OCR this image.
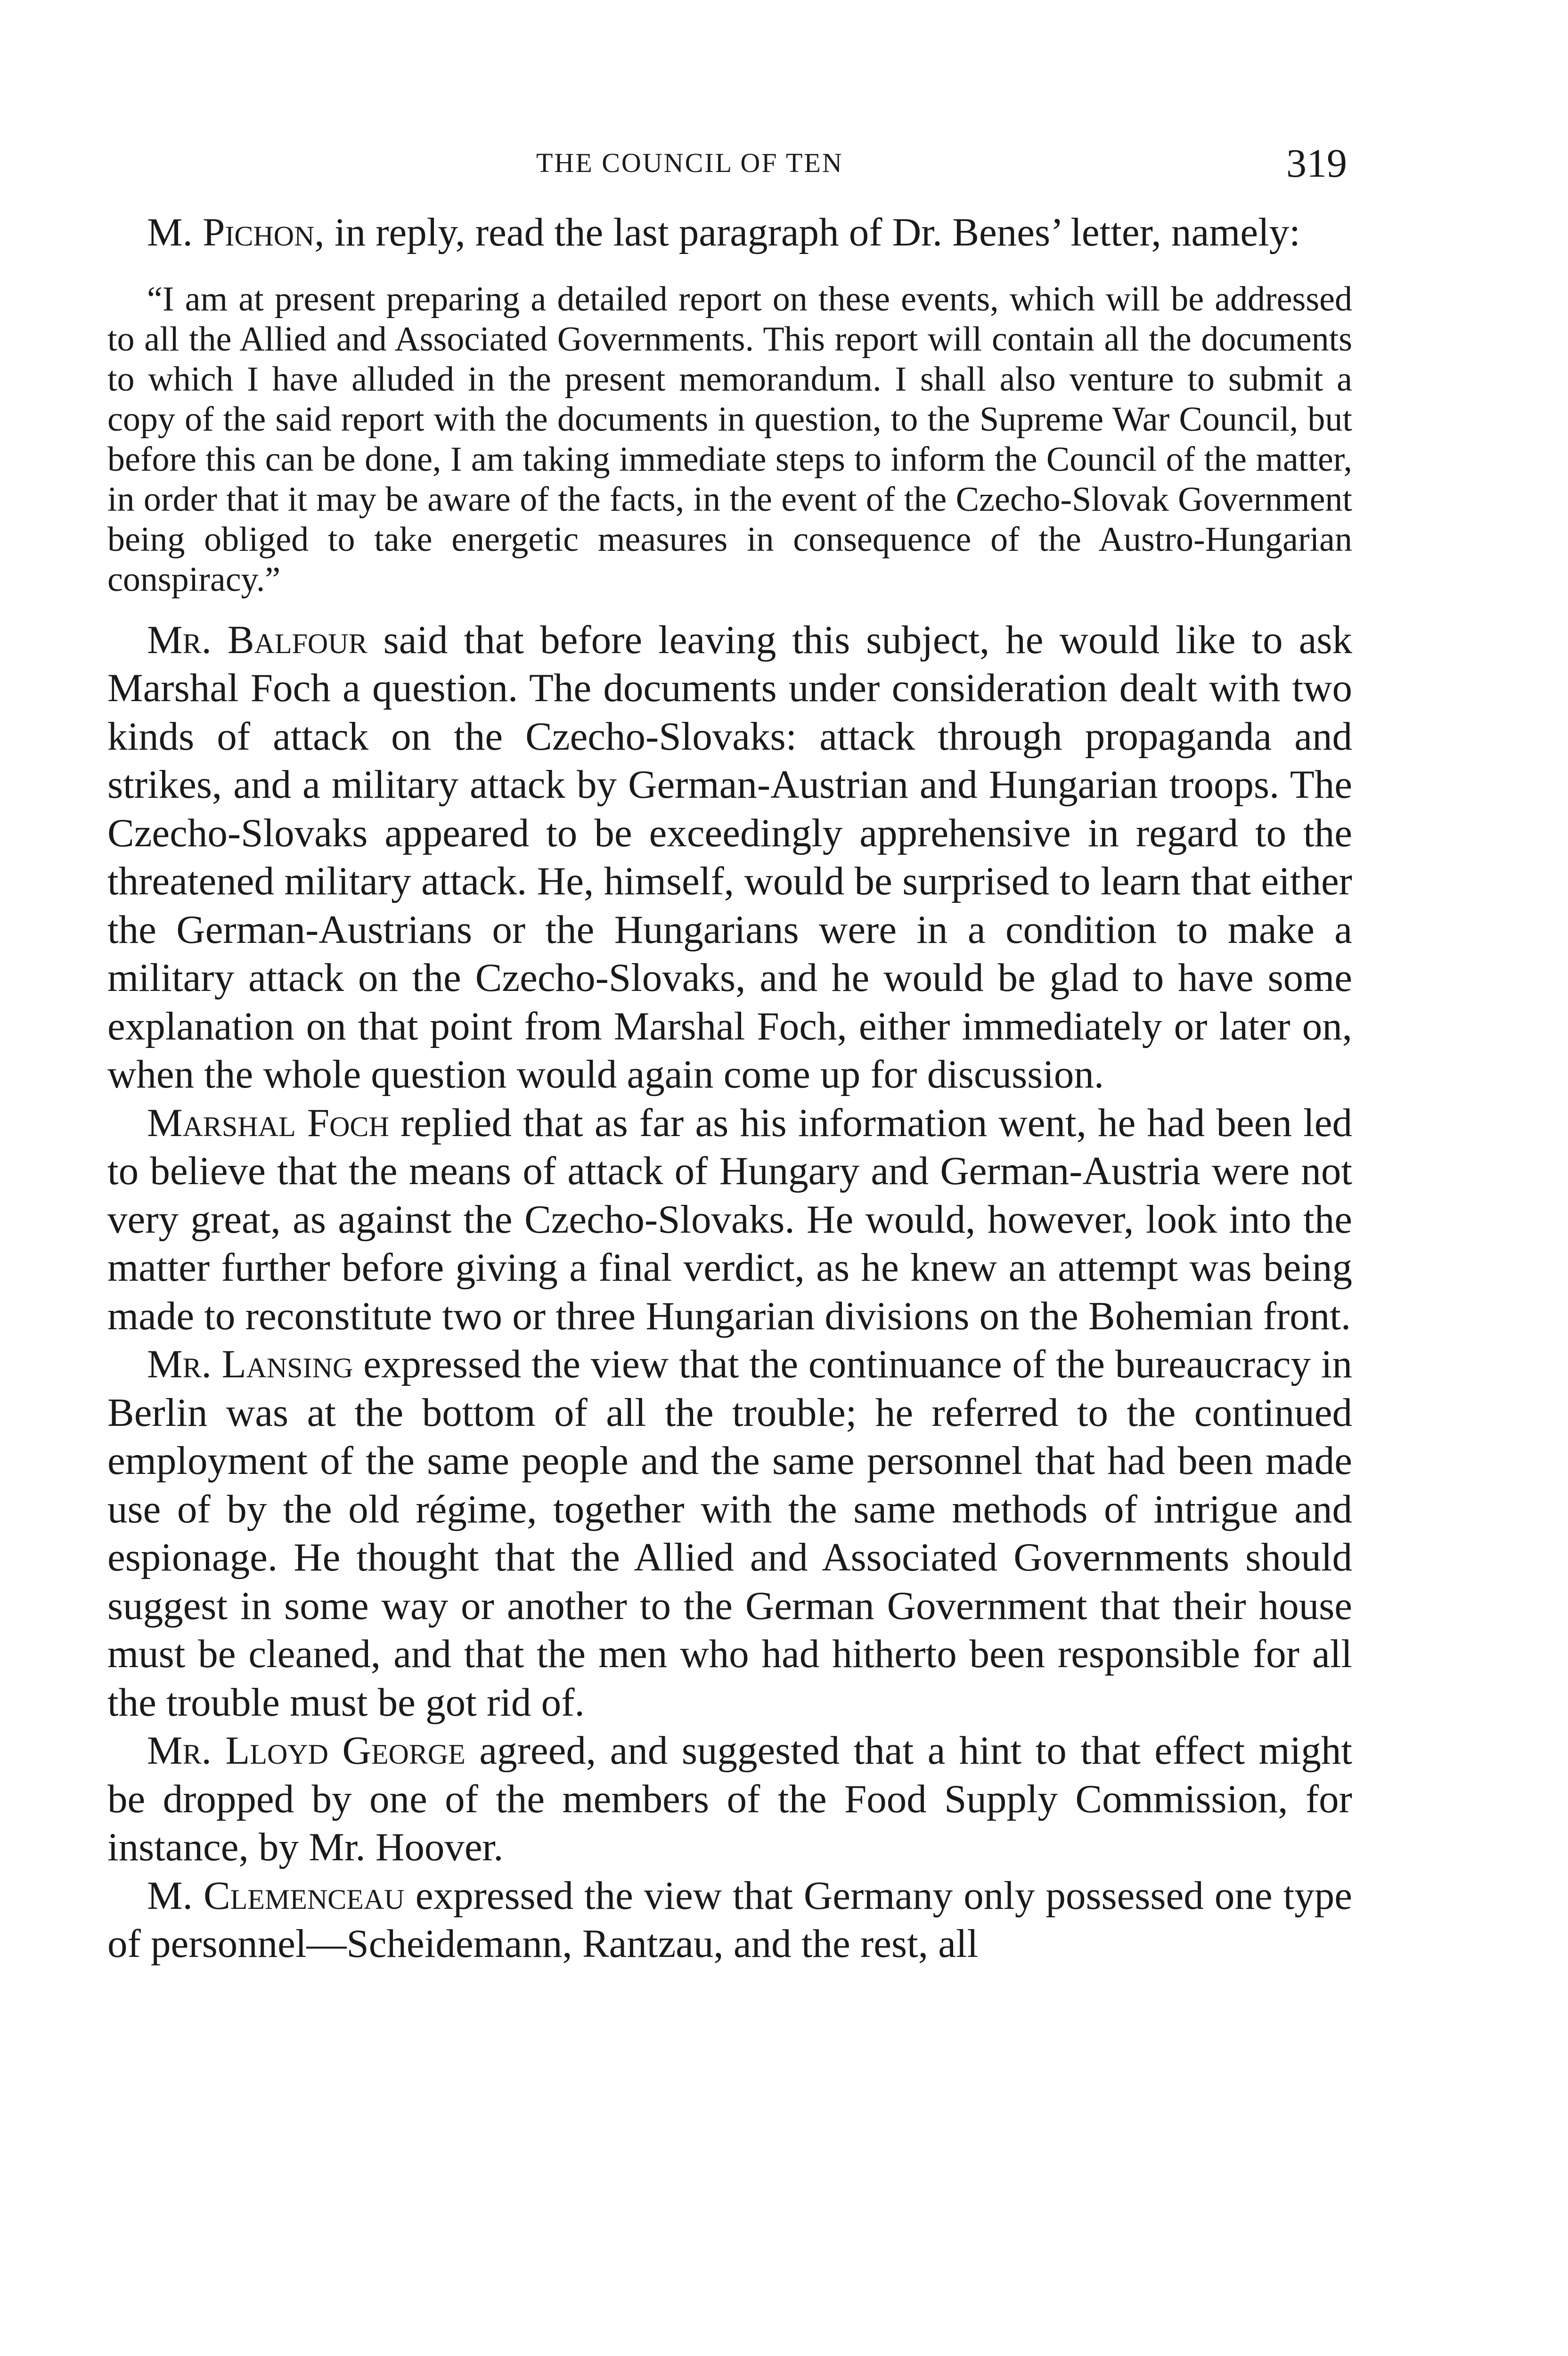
THE COUNCIL OF TEN	319

M. Pichon, in reply, read the last paragraph of Dr. Benes’ letter, namely:

“I am at present preparing a detailed report on these events, which will be addressed to all the Allied and Associated Governments. This report will contain all the documents to which I have alluded in the present memorandum. I shall also venture to submit a copy of the said report with the documents in question, to the Supreme War Council, but before this can be done, I am taking immediate steps to inform the Council of the matter, in order that it may be aware of the facts, in the event of the Czecho-Slovak Government being obliged to take energetic measures in consequence of the Austro-Hungarian conspiracy.”

Mr. Balfour said that before leaving this subject, he would like to ask Marshal Foch a question. The documents under consideration dealt with two kinds of attack on the Czecho-Slovaks: attack through propaganda and strikes, and a military attack by German-Austrian and Hungarian troops. The Czecho-Slovaks appeared to be exceedingly apprehensive in regard to the threatened military attack. He, himself, would be surprised to learn that either the German-Austrians or the Hungarians were in a condition to make a military attack on the Czecho-Slovaks, and he would be glad to have some explanation on that point from Marshal Foch, either immediately or later on, when the whole question would again come up for discussion.

Marshal Foch replied that as far as his information went, he had been led to believe that the means of attack of Hungary and German-Austria were not very great, as against the Czecho-Slovaks. He would, however, look into the matter further before giving a final verdict, as he knew an attempt was being made to reconstitute two or three Hungarian divisions on the Bohemian front.

Mr. Lansing expressed the view that the continuance of the bureaucracy in Berlin was at the bottom of all the trouble; he referred to the continued employment of the same people and the same personnel that had been made use of by the old régime, together with the same methods of intrigue and espionage. He thought that the Allied and Associated Governments should suggest in some way or another to the German Government that their house must be cleaned, and that the men who had hitherto been responsible for all the trouble must be got rid of.

Mr. Lloyd George agreed, and suggested that a hint to that effect might be dropped by one of the members of the Food Supply Commission, for instance, by Mr. Hoover.

M. Clemenceau expressed the view that Germany only possessed one type of personnel—Scheidemann, Rantzau, and the rest, all
